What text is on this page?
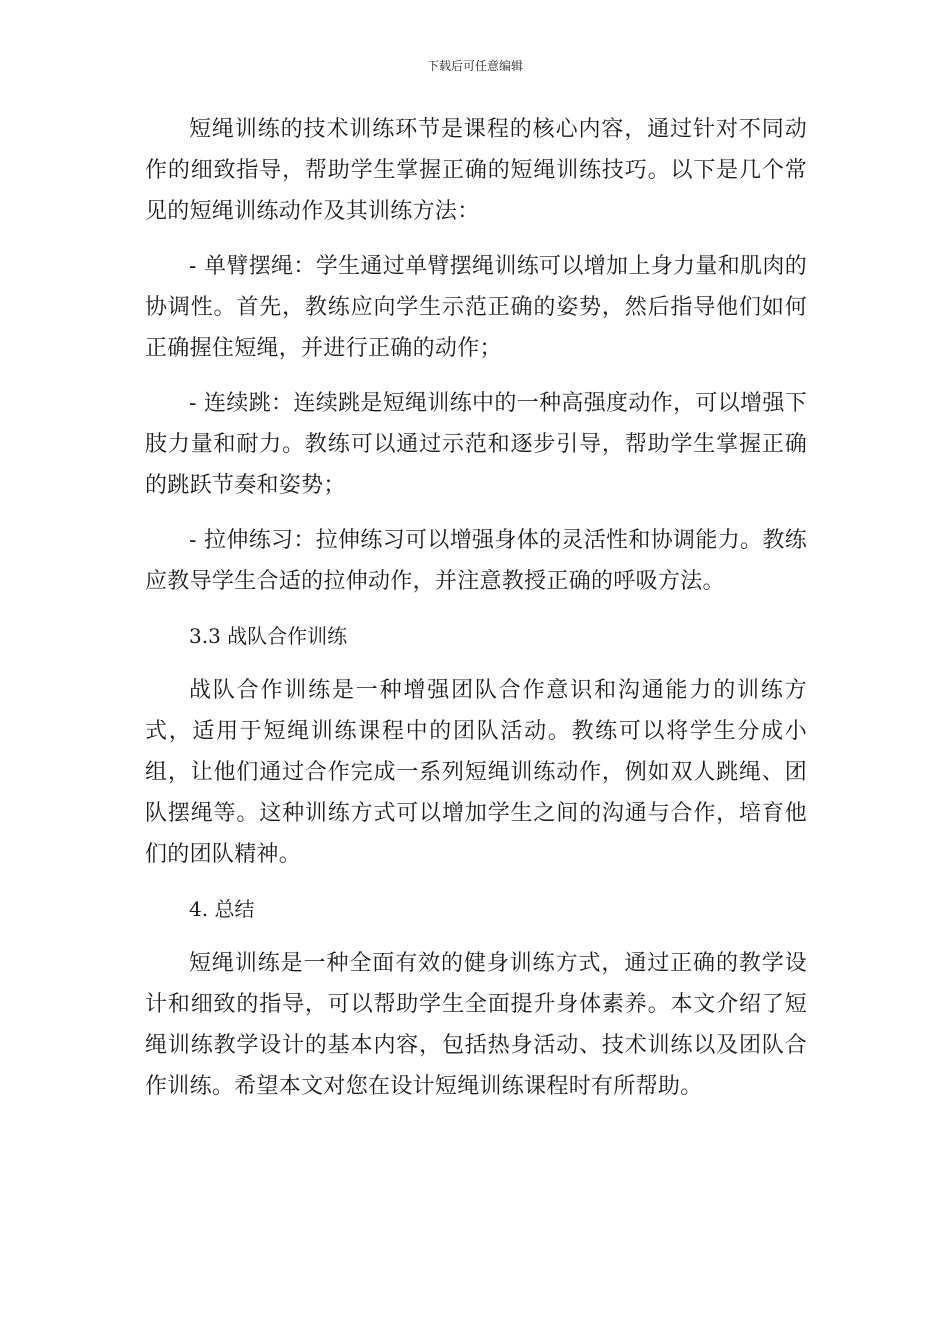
下载后可任意编辑

短绳训练的技术训练环节是课程的核心内容，通过针对不同动作的细致指导，帮助学生掌握正确的短绳训练技巧。以下是几个常见的短绳训练动作及其训练方法：

- 单臂摆绳：学生通过单臂摆绳训练可以增加上身力量和肌肉的协调性。首先，教练应向学生示范正确的姿势，然后指导他们如何正确握住短绳，并进行正确的动作；

- 连续跳：连续跳是短绳训练中的一种高强度动作，可以增强下肢力量和耐力。教练可以通过示范和逐步引导，帮助学生掌握正确的跳跃节奏和姿势；

- 拉伸练习：拉伸练习可以增强身体的灵活性和协调能力。教练应教导学生合适的拉伸动作，并注意教授正确的呼吸方法。

3.3 战队合作训练

战队合作训练是一种增强团队合作意识和沟通能力的训练方式，适用于短绳训练课程中的团队活动。教练可以将学生分成小组，让他们通过合作完成一系列短绳训练动作，例如双人跳绳、团队摆绳等。这种训练方式可以增加学生之间的沟通与合作，培育他们的团队精神。

4. 总结

短绳训练是一种全面有效的健身训练方式，通过正确的教学设计和细致的指导，可以帮助学生全面提升身体素养。本文介绍了短绳训练教学设计的基本内容，包括热身活动、技术训练以及团队合作训练。希望本文对您在设计短绳训练课程时有所帮助。
